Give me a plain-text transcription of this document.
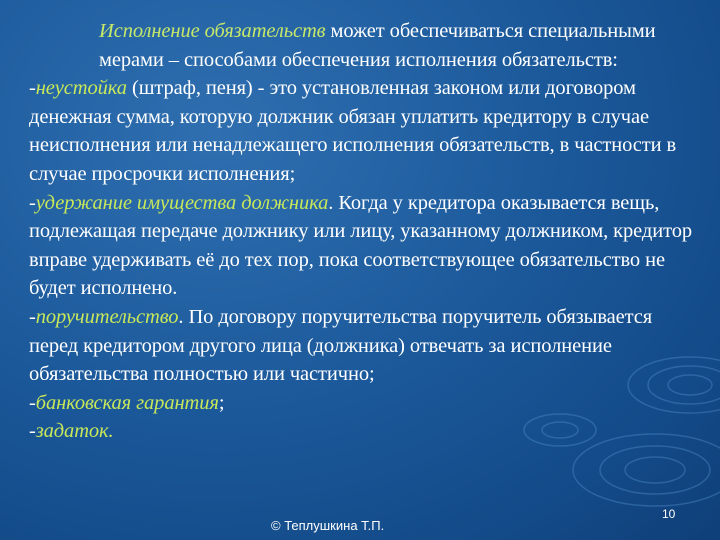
Исполнение обязательств может обеспечиваться специальными мерами – способами обеспечения исполнения обязательств:

-неустойка (штраф, пеня) - это установленная законом или договором денежная сумма, которую должник обязан уплатить кредитору в случае неисполнения или ненадлежащего исполнения обязательств, в частности в случае просрочки исполнения;

-удержание имущества должника. Когда у кредитора оказывается вещь, подлежащая передаче должнику или лицу, указанному должником, кредитор вправе удерживать её до тех пор, пока соответствующее обязательство не будет исполнено.

-поручительство. По договору поручительства поручитель обязывается перед кредитором другого лица (должника) отвечать за исполнение обязательства полностью или частично;

-банковская гарантия;

-задаток.

© Теплушкина Т.П.
10
